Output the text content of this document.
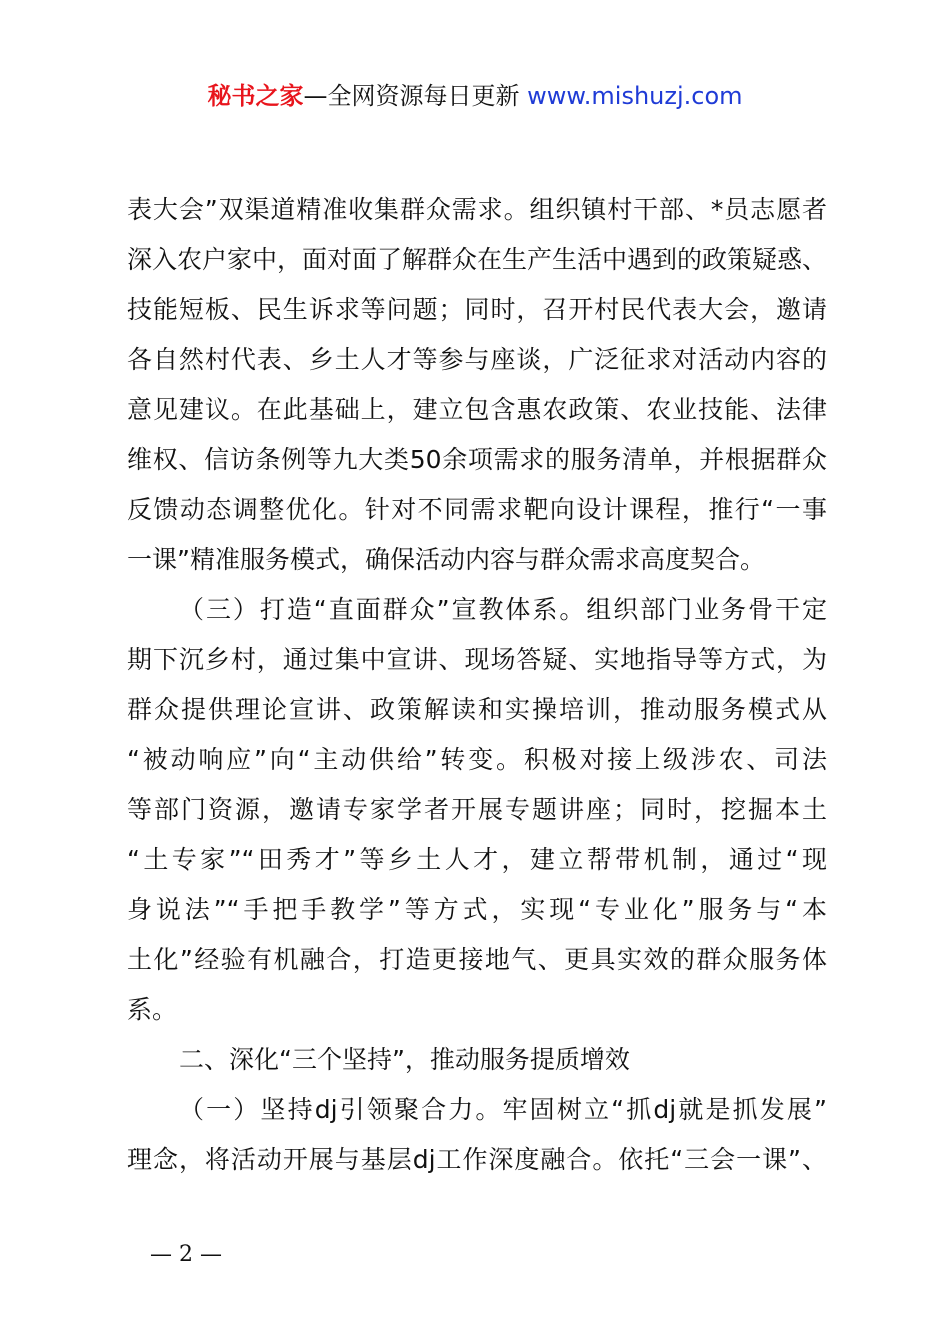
秘书之家—全网资源每日更新 www.mishuzj.com
表大会”双渠道精准收集群众需求。组织镇村干部、*员志愿者
深入农户家中，面对面了解群众在生产生活中遇到的政策疑惑、
技能短板、民生诉求等问题；同时，召开村民代表大会，邀请
各自然村代表、乡土人才等参与座谈，广泛征求对活动内容的
意见建议。在此基础上，建立包含惠农政策、农业技能、法律
维权、信访条例等九大类50余项需求的服务清单，并根据群众
反馈动态调整优化。针对不同需求靶向设计课程，推行“一事
一课”精准服务模式，确保活动内容与群众需求高度契合。
（三）打造“直面群众”宣教体系。组织部门业务骨干定
期下沉乡村，通过集中宣讲、现场答疑、实地指导等方式，为
群众提供理论宣讲、政策解读和实操培训，推动服务模式从
“被动响应”向“主动供给”转变。积极对接上级涉农、司法
等部门资源，邀请专家学者开展专题讲座；同时，挖掘本土
“土专家”“田秀才”等乡土人才，建立帮带机制，通过“现
身说法”“手把手教学”等方式，实现“专业化”服务与“本
土化”经验有机融合，打造更接地气、更具实效的群众服务体
系。
二、深化“三个坚持”，推动服务提质增效
（一）坚持dj引领聚合力。牢固树立“抓dj就是抓发展”
理念，将活动开展与基层dj工作深度融合。依托“三会一课”、
— 2 —
